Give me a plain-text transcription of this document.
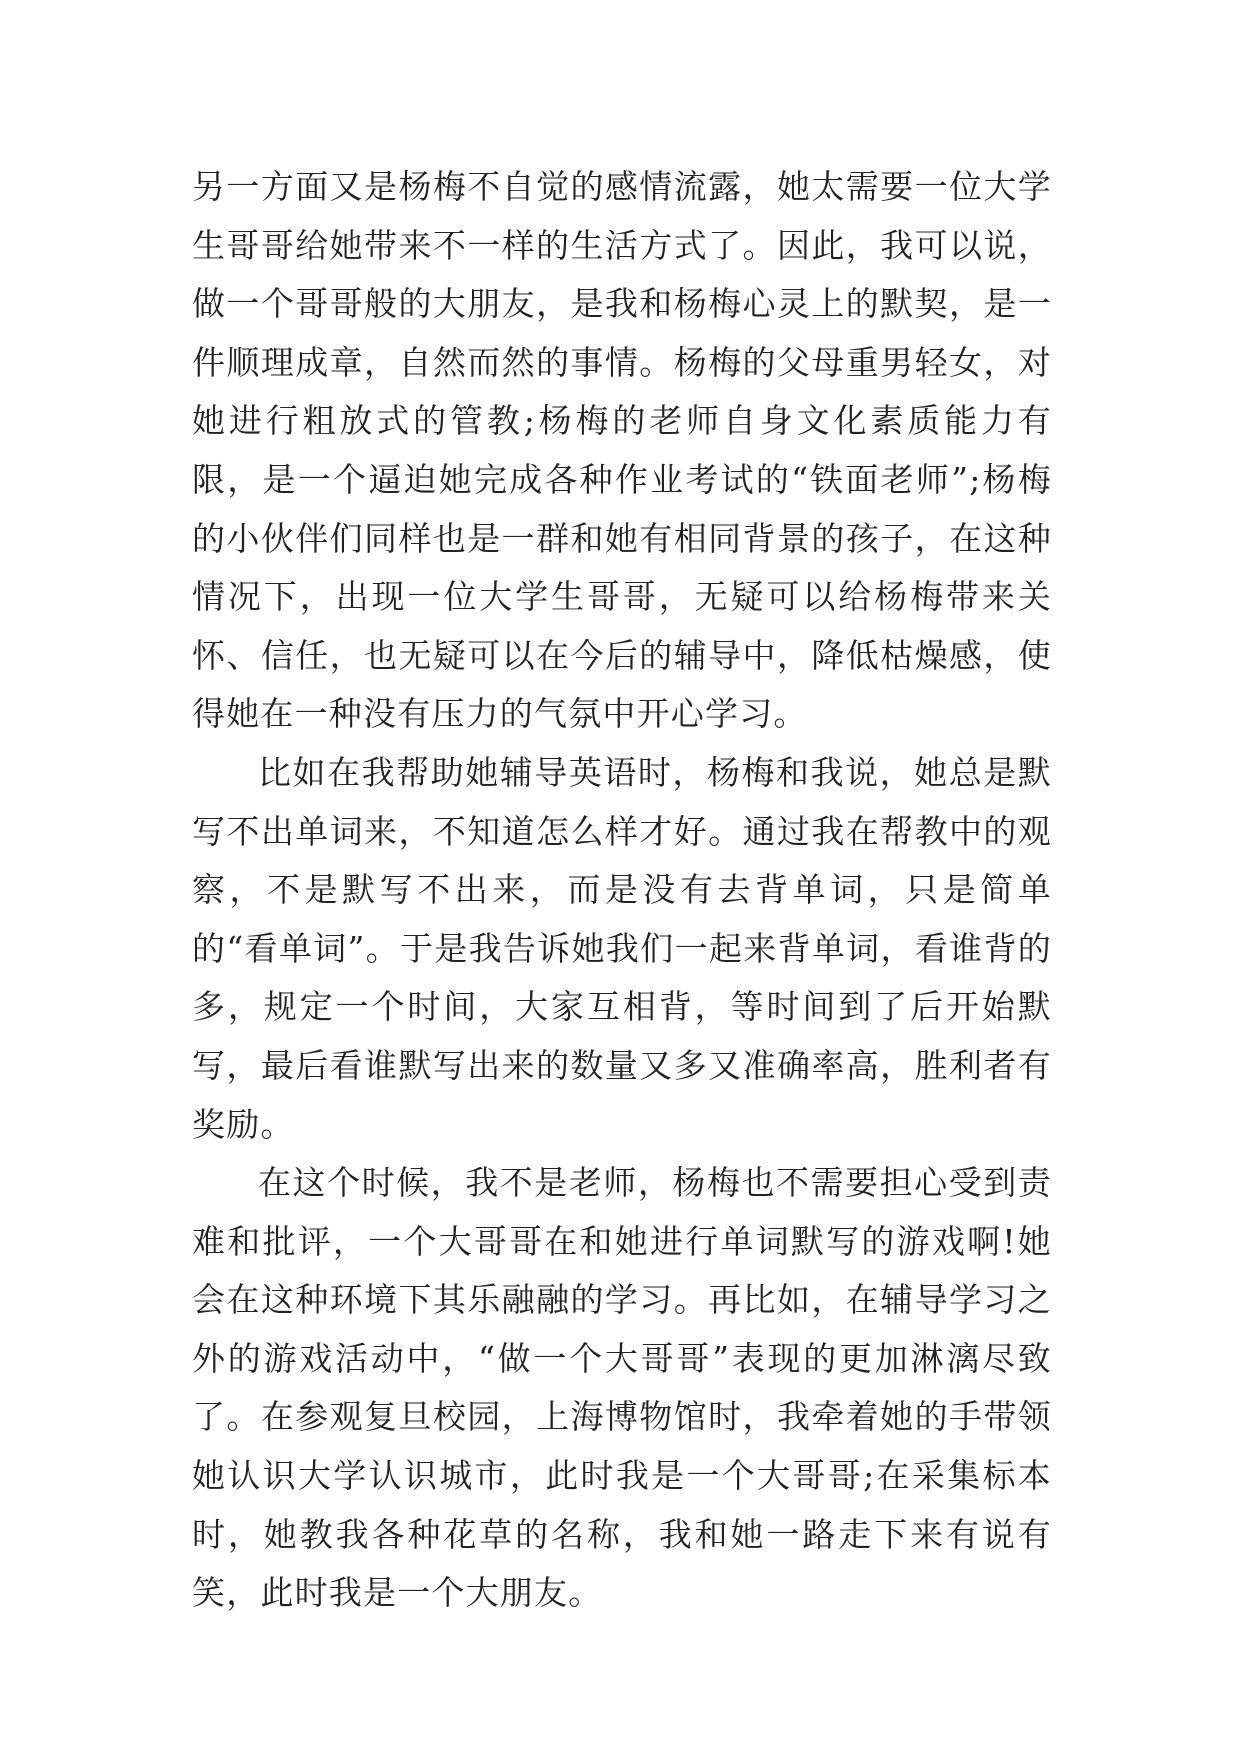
另一方面又是杨梅不自觉的感情流露，她太需要一位大学生哥哥给她带来不一样的生活方式了。因此，我可以说，做一个哥哥般的大朋友，是我和杨梅心灵上的默契，是一件顺理成章，自然而然的事情。杨梅的父母重男轻女，对她进行粗放式的管教;杨梅的老师自身文化素质能力有限，是一个逼迫她完成各种作业考试的“铁面老师”;杨梅的小伙伴们同样也是一群和她有相同背景的孩子，在这种情况下，出现一位大学生哥哥，无疑可以给杨梅带来关怀、信任，也无疑可以在今后的辅导中，降低枯燥感，使得她在一种没有压力的气氛中开心学习。

比如在我帮助她辅导英语时，杨梅和我说，她总是默写不出单词来，不知道怎么样才好。通过我在帮教中的观察，不是默写不出来，而是没有去背单词，只是简单的“看单词”。于是我告诉她我们一起来背单词，看谁背的多，规定一个时间，大家互相背，等时间到了后开始默写，最后看谁默写出来的数量又多又准确率高，胜利者有奖励。

在这个时候，我不是老师，杨梅也不需要担心受到责难和批评，一个大哥哥在和她进行单词默写的游戏啊!她会在这种环境下其乐融融的学习。再比如，在辅导学习之外的游戏活动中，“做一个大哥哥”表现的更加淋漓尽致了。在参观复旦校园，上海博物馆时，我牵着她的手带领她认识大学认识城市，此时我是一个大哥哥;在采集标本时，她教我各种花草的名称，我和她一路走下来有说有笑，此时我是一个大朋友。
